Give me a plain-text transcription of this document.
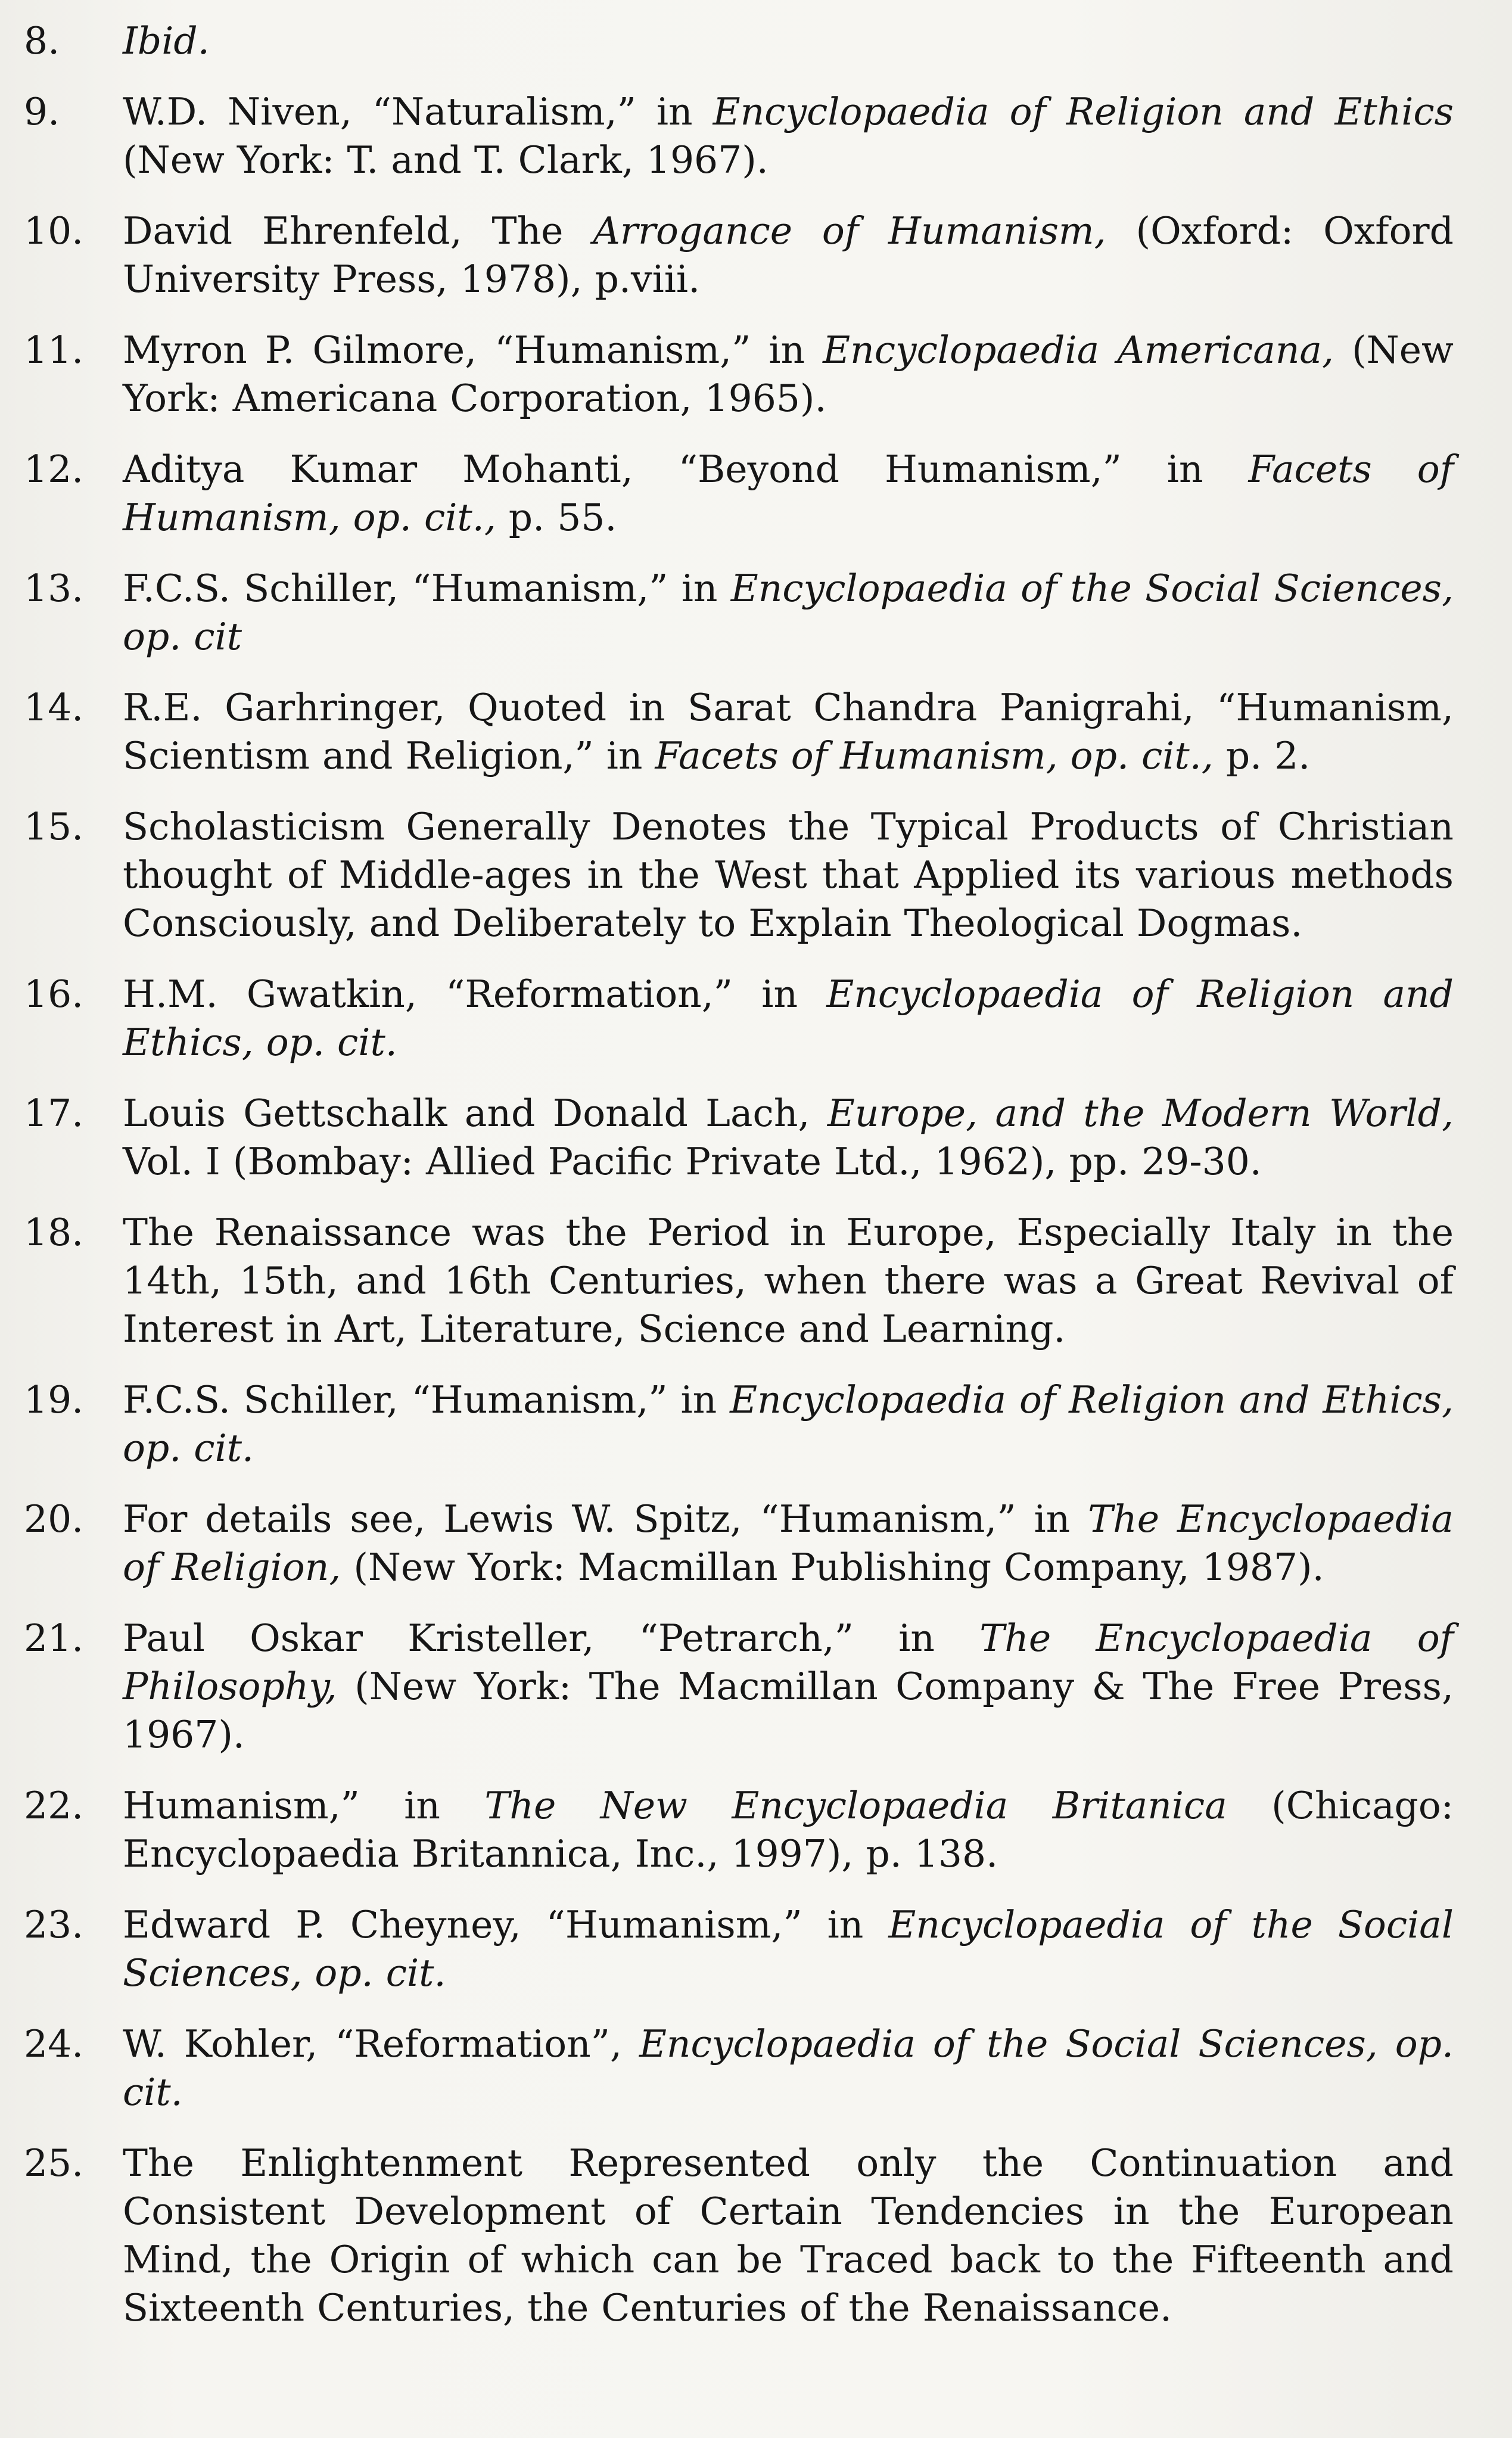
8.	Ibid.
9.	W.D. Niven, “Naturalism,” in Encyclopaedia of Religion and Ethics (New York: T. and T. Clark, 1967).
10.	David Ehrenfeld, The Arrogance of Humanism, (Oxford: Oxford University Press, 1978), p.viii.
11.	Myron P. Gilmore, “Humanism,” in Encyclopaedia Americana, (New York: Americana Corporation, 1965).
12.	Aditya Kumar Mohanti, “Beyond Humanism,” in Facets of Humanism, op. cit., p. 55.
13.	F.C.S. Schiller, “Humanism,” in Encyclopaedia of the Social Sciences, op. cit
14.	R.E. Garhringer, Quoted in Sarat Chandra Panigrahi, “Humanism, Scientism and Religion,” in Facets of Humanism, op. cit., p. 2.
15.	Scholasticism Generally Denotes the Typical Products of Christian thought of Middle-ages in the West that Applied its various methods Consciously, and Deliberately to Explain Theological Dogmas.
16.	H.M. Gwatkin, “Reformation,” in Encyclopaedia of Religion and Ethics, op. cit.
17.	Louis Gettschalk and Donald Lach, Europe, and the Modern World, Vol. I (Bombay: Allied Pacific Private Ltd., 1962), pp. 29-30.
18.	The Renaissance was the Period in Europe, Especially Italy in the 14th, 15th, and 16th Centuries, when there was a Great Revival of Interest in Art, Literature, Science and Learning.
19.	F.C.S. Schiller, “Humanism,” in Encyclopaedia of Religion and Ethics, op. cit.
20.	For details see, Lewis W. Spitz, “Humanism,” in The Encyclopaedia of Religion, (New York: Macmillan Publishing Company, 1987).
21.	Paul Oskar Kristeller, “Petrarch,” in The Encyclopaedia of Philosophy, (New York: The Macmillan Company & The Free Press, 1967).
22.	Humanism,” in The New Encyclopaedia Britanica (Chicago: Encyclopaedia Britannica, Inc., 1997), p. 138.
23.	Edward P. Cheyney, “Humanism,” in Encyclopaedia of the Social Sciences, op. cit.
24.	W. Kohler, “Reformation”, Encyclopaedia of the Social Sciences, op. cit.
25.	The Enlightenment Represented only the Continuation and Consistent Development of Certain Tendencies in the European Mind, the Origin of which can be Traced back to the Fifteenth and Sixteenth Centuries, the Centuries of the Renaissance.
